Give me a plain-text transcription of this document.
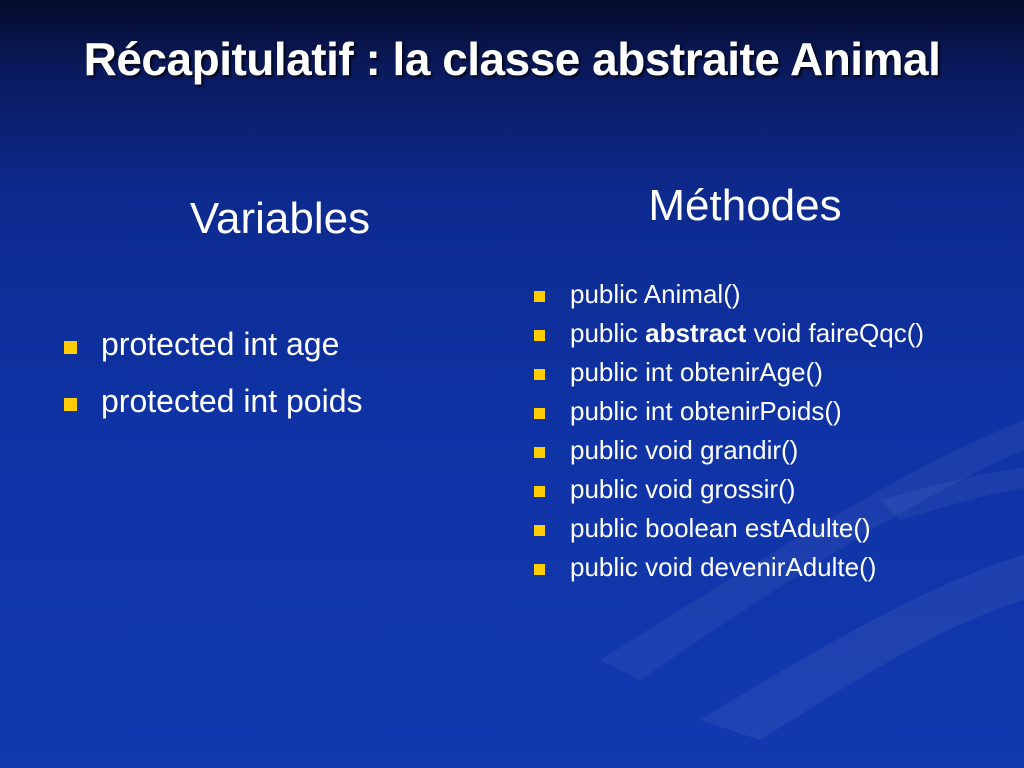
Récapitulatif : la classe abstraite Animal
Variables
protected int age
protected int poids
Méthodes
public Animal()
public abstract void faireQqc()
public int obtenirAge()
public int obtenirPoids()
public void grandir()
public void grossir()
public boolean estAdulte()
public void devenirAdulte()
